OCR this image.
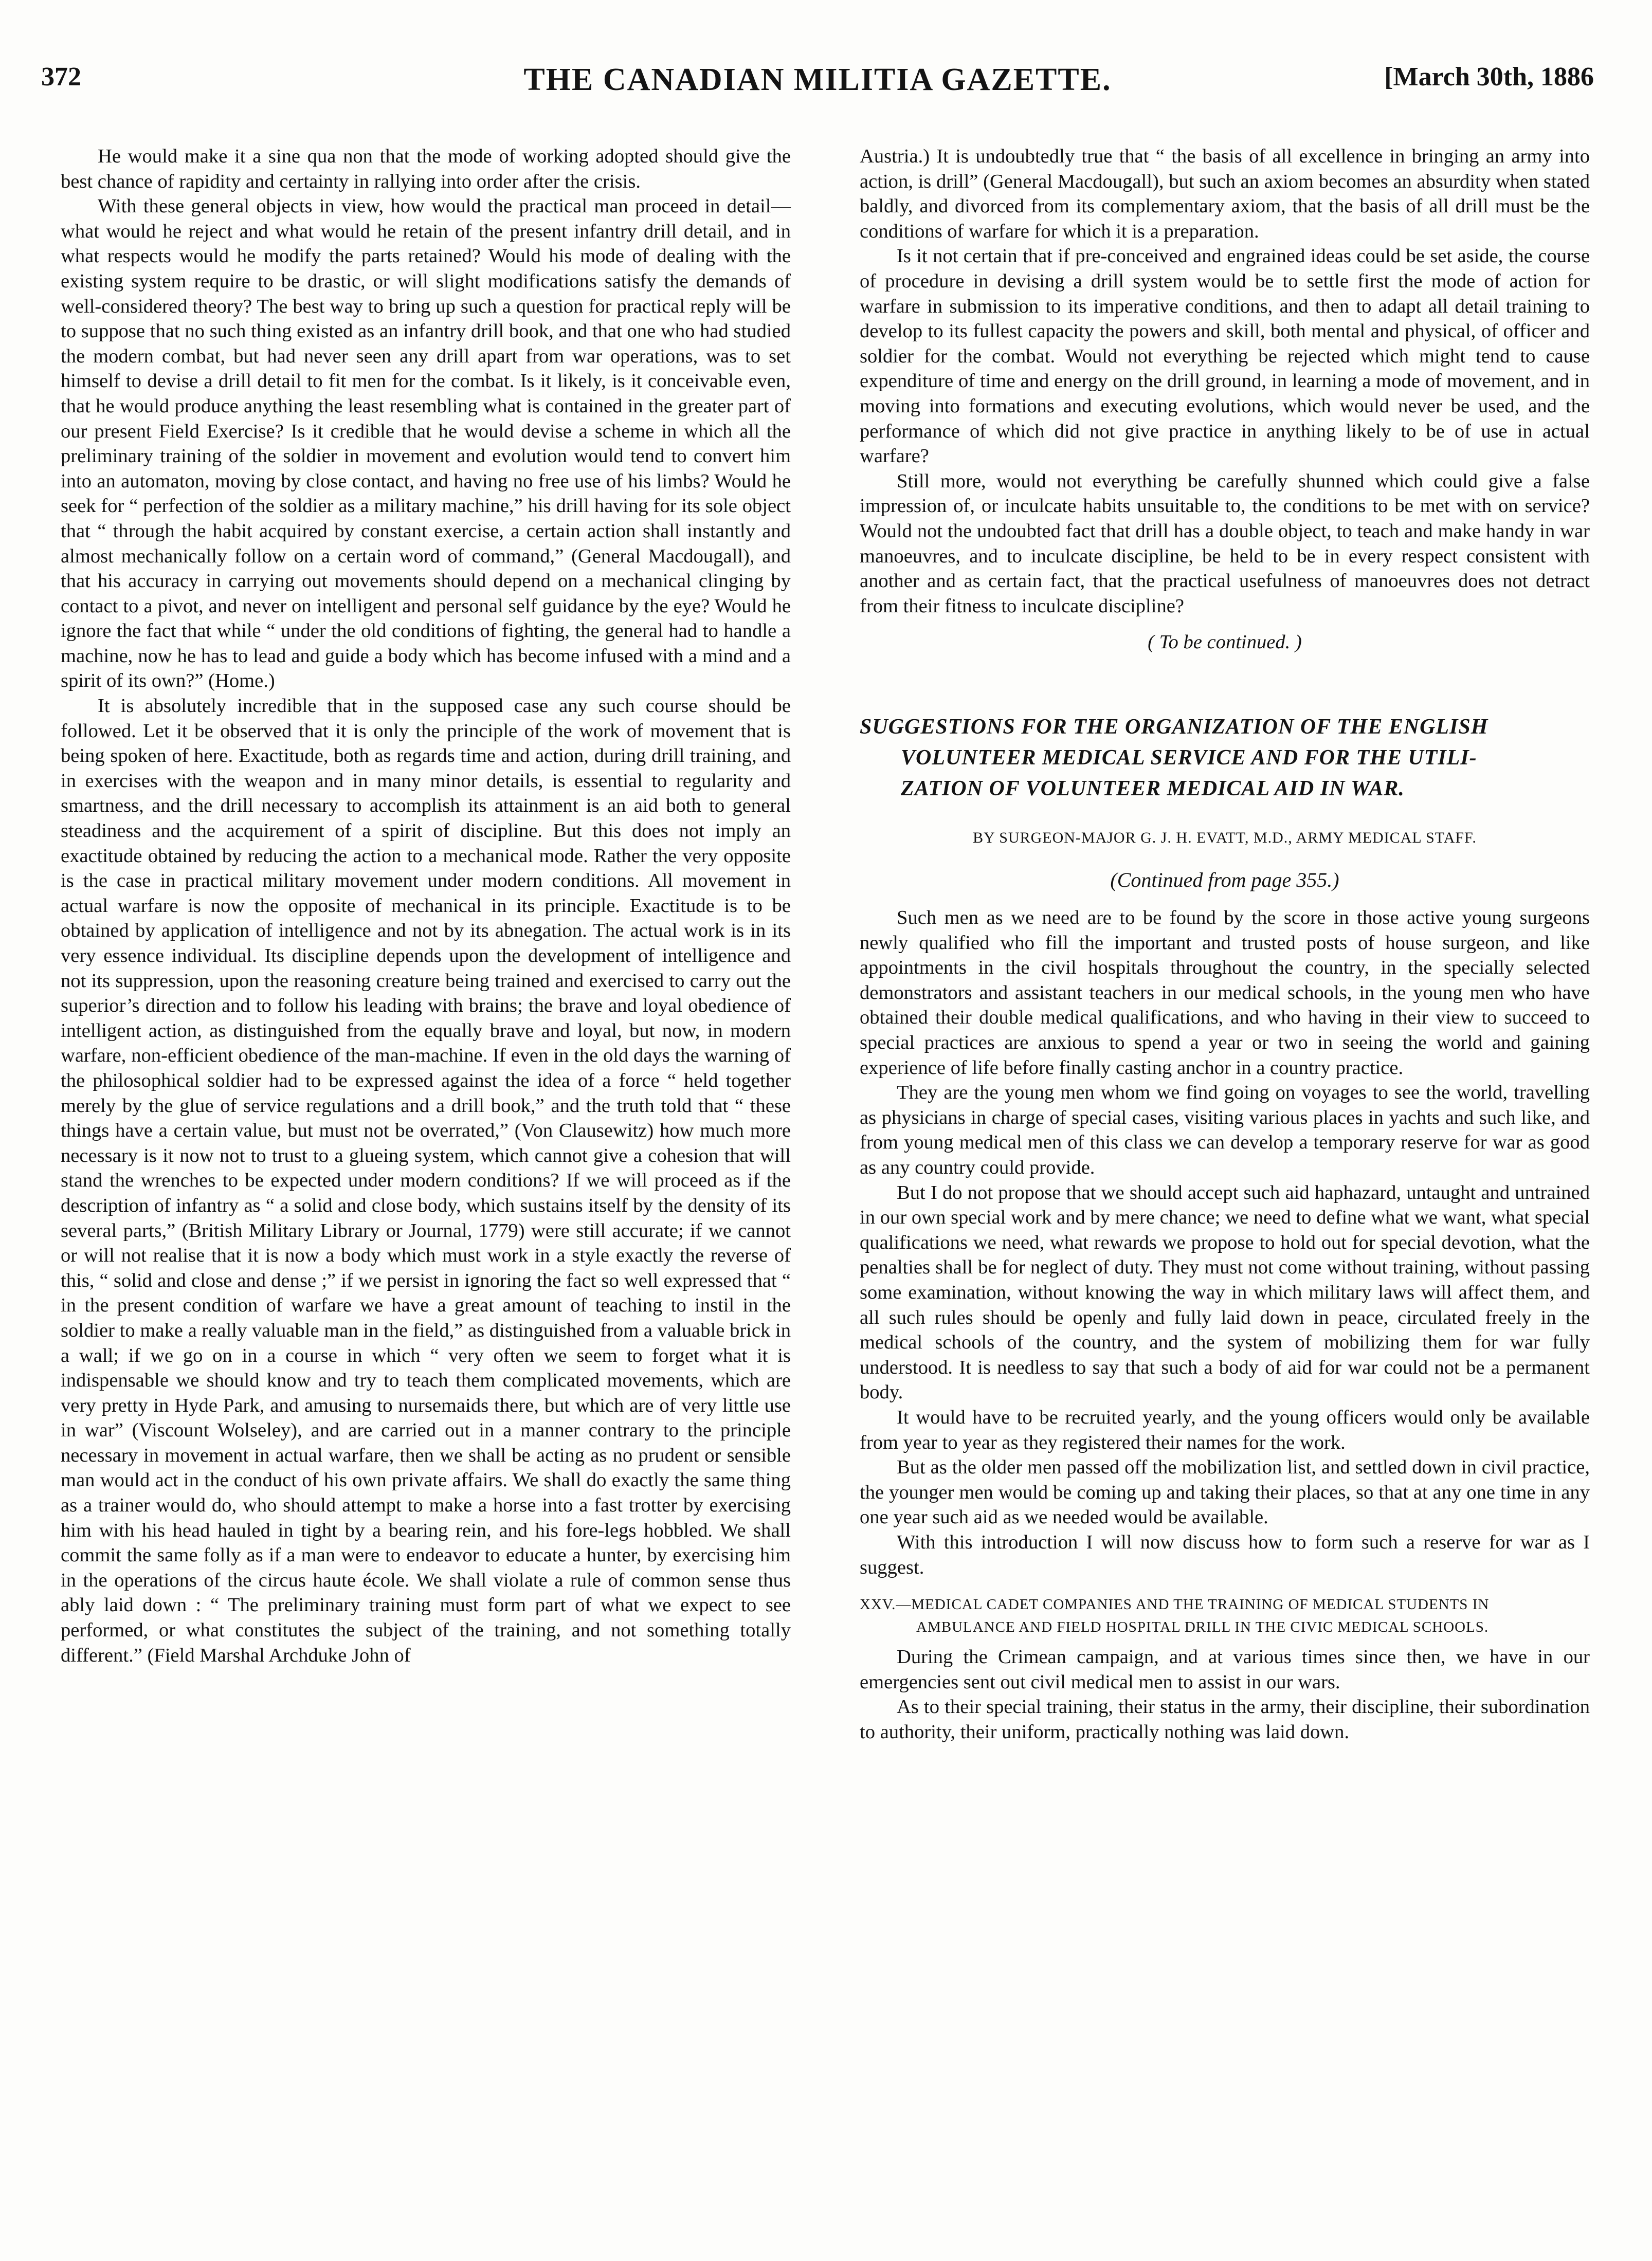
372	THE CANADIAN MILITIA GAZETTE.	[March 30th, 1886

He would make it a sine qua non that the mode of working adopted should give the best chance of rapidity and certainty in rallying into order after the crisis.

With these general objects in view, how would the practical man proceed in detail—what would he reject and what would he retain of the present infantry drill detail, and in what respects would he modify the parts retained? Would his mode of dealing with the existing system require to be drastic, or will slight modifications satisfy the demands of well-considered theory? The best way to bring up such a question for practical reply will be to suppose that no such thing existed as an infantry drill book, and that one who had studied the modern combat, but had never seen any drill apart from war operations, was to set himself to devise a drill detail to fit men for the combat. Is it likely, is it conceivable even, that he would produce anything the least resembling what is contained in the greater part of our present Field Exercise? Is it credible that he would devise a scheme in which all the preliminary training of the soldier in movement and evolution would tend to convert him into an automaton, moving by close contact, and having no free use of his limbs? Would he seek for “ perfection of the soldier as a military machine,” his drill having for its sole object that “ through the habit acquired by constant exercise, a certain action shall instantly and almost mechanically follow on a certain word of command,” (General Macdougall), and that his accuracy in carrying out movements should depend on a mechanical clinging by contact to a pivot, and never on intelligent and personal self guidance by the eye? Would he ignore the fact that while “ under the old conditions of fighting, the general had to handle a machine, now he has to lead and guide a body which has become infused with a mind and a spirit of its own?” (Home.)

It is absolutely incredible that in the supposed case any such course should be followed. Let it be observed that it is only the principle of the work of movement that is being spoken of here. Exactitude, both as regards time and action, during drill training, and in exercises with the weapon and in many minor details, is essential to regularity and smartness, and the drill necessary to accomplish its attainment is an aid both to general steadiness and the acquirement of a spirit of discipline. But this does not imply an exactitude obtained by reducing the action to a mechanical mode. Rather the very opposite is the case in practical military movement under modern conditions. All movement in actual warfare is now the opposite of mechanical in its principle. Exactitude is to be obtained by application of intelligence and not by its abnegation. The actual work is in its very essence individual. Its discipline depends upon the development of intelligence and not its suppression, upon the reasoning creature being trained and exercised to carry out the superior’s direction and to follow his leading with brains; the brave and loyal obedience of intelligent action, as distinguished from the equally brave and loyal, but now, in modern warfare, non-efficient obedience of the man-machine. If even in the old days the warning of the philosophical soldier had to be expressed against the idea of a force “ held together merely by the glue of service regulations and a drill book,” and the truth told that “ these things have a certain value, but must not be overrated,” (Von Clausewitz) how much more necessary is it now not to trust to a glueing system, which cannot give a cohesion that will stand the wrenches to be expected under modern conditions? If we will proceed as if the description of infantry as “ a solid and close body, which sustains itself by the density of its several parts,” (British Military Library or Journal, 1779) were still accurate; if we cannot or will not realise that it is now a body which must work in a style exactly the reverse of this, “ solid and close and dense ;” if we persist in ignoring the fact so well expressed that “ in the present condition of warfare we have a great amount of teaching to instil in the soldier to make a really valuable man in the field,” as distinguished from a valuable brick in a wall; if we go on in a course in which “ very often we seem to forget what it is indispensable we should know and try to teach them complicated movements, which are very pretty in Hyde Park, and amusing to nursemaids there, but which are of very little use in war” (Viscount Wolseley), and are carried out in a manner contrary to the principle necessary in movement in actual warfare, then we shall be acting as no prudent or sensible man would act in the conduct of his own private affairs. We shall do exactly the same thing as a trainer would do, who should attempt to make a horse into a fast trotter by exercising him with his head hauled in tight by a bearing rein, and his fore-legs hobbled. We shall commit the same folly as if a man were to endeavor to educate a hunter, by exercising him in the operations of the circus haute école. We shall violate a rule of common sense thus ably laid down : “ The preliminary training must form part of what we expect to see performed, or what constitutes the subject of the training, and not something totally different.” (Field Marshal Archduke John of

Austria.) It is undoubtedly true that “ the basis of all excellence in bringing an army into action, is drill” (General Macdougall), but such an axiom becomes an absurdity when stated baldly, and divorced from its complementary axiom, that the basis of all drill must be the conditions of warfare for which it is a preparation.

Is it not certain that if pre-conceived and engrained ideas could be set aside, the course of procedure in devising a drill system would be to settle first the mode of action for warfare in submission to its imperative conditions, and then to adapt all detail training to develop to its fullest capacity the powers and skill, both mental and physical, of officer and soldier for the combat. Would not everything be rejected which might tend to cause expenditure of time and energy on the drill ground, in learning a mode of movement, and in moving into formations and executing evolutions, which would never be used, and the performance of which did not give practice in anything likely to be of use in actual warfare?

Still more, would not everything be carefully shunned which could give a false impression of, or inculcate habits unsuitable to, the conditions to be met with on service? Would not the undoubted fact that drill has a double object, to teach and make handy in war manoeuvres, and to inculcate discipline, be held to be in every respect consistent with another and as certain fact, that the practical usefulness of manoeuvres does not detract from their fitness to inculcate discipline?

( To be continued. )
SUGGESTIONS FOR THE ORGANIZATION OF THE ENGLISH
VOLUNTEER MEDICAL SERVICE AND FOR THE UTILI-
ZATION OF VOLUNTEER MEDICAL AID IN WAR.
BY SURGEON-MAJOR G. J. H. EVATT, M.D., ARMY MEDICAL STAFF.
(Continued from page 355.)

Such men as we need are to be found by the score in those active young surgeons newly qualified who fill the important and trusted posts of house surgeon, and like appointments in the civil hospitals throughout the country, in the specially selected demonstrators and assistant teachers in our medical schools, in the young men who have obtained their double medical qualifications, and who having in their view to succeed to special practices are anxious to spend a year or two in seeing the world and gaining experience of life before finally casting anchor in a country practice.

They are the young men whom we find going on voyages to see the world, travelling as physicians in charge of special cases, visiting various places in yachts and such like, and from young medical men of this class we can develop a temporary reserve for war as good as any country could provide.

But I do not propose that we should accept such aid haphazard, untaught and untrained in our own special work and by mere chance; we need to define what we want, what special qualifications we need, what rewards we propose to hold out for special devotion, what the penalties shall be for neglect of duty. They must not come without training, without passing some examination, without knowing the way in which military laws will affect them, and all such rules should be openly and fully laid down in peace, circulated freely in the medical schools of the country, and the system of mobilizing them for war fully understood. It is needless to say that such a body of aid for war could not be a permanent body.

It would have to be recruited yearly, and the young officers would only be available from year to year as they registered their names for the work.

But as the older men passed off the mobilization list, and settled down in civil practice, the younger men would be coming up and taking their places, so that at any one time in any one year such aid as we needed would be available.

With this introduction I will now discuss how to form such a reserve for war as I suggest.

XXV.—MEDICAL CADET COMPANIES AND THE TRAINING OF MEDICAL STUDENTS IN AMBULANCE AND FIELD HOSPITAL DRILL IN THE CIVIC MEDICAL SCHOOLS.

During the Crimean campaign, and at various times since then, we have in our emergencies sent out civil medical men to assist in our wars.

As to their special training, their status in the army, their discipline, their subordination to authority, their uniform, practically nothing was laid down.
